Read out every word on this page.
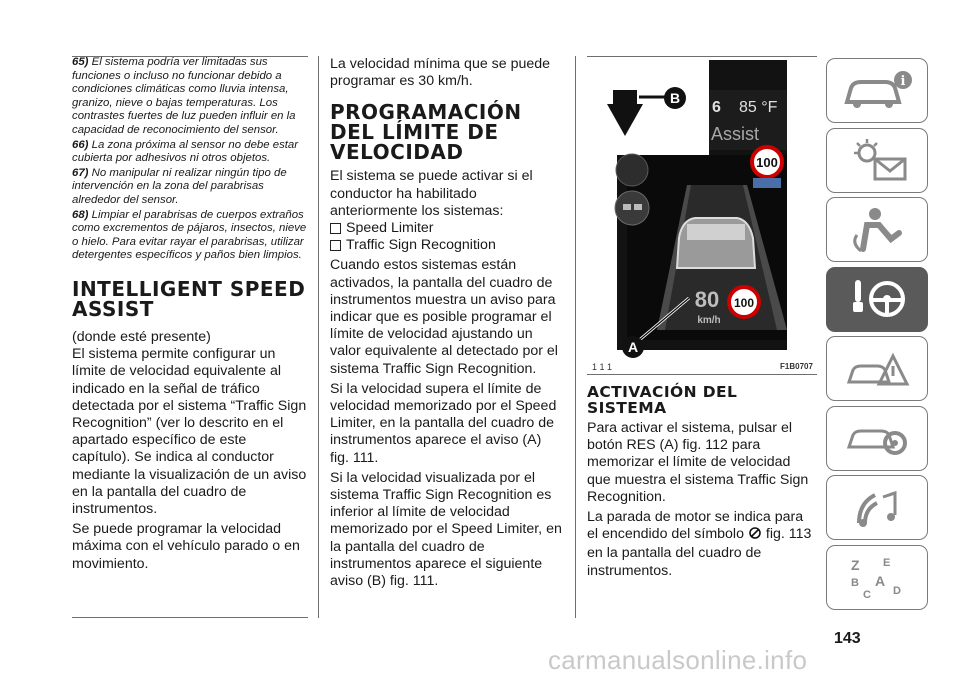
65) El sistema podría ver limitadas sus funciones o incluso no funcionar debido a condiciones climáticas como lluvia intensa, granizo, nieve o bajas temperaturas. Los contrastes fuertes de luz pueden influir en la capacidad de reconocimiento del sensor.
66) La zona próxima al sensor no debe estar cubierta por adhesivos ni otros objetos.
67) No manipular ni realizar ningún tipo de intervención en la zona del parabrisas alrededor del sensor.
68) Limpiar el parabrisas de cuerpos extraños como excrementos de pájaros, insectos, nieve o hielo. Para evitar rayar el parabrisas, utilizar detergentes específicos y paños bien limpios.
INTELLIGENT SPEED ASSIST

(donde esté presente)
El sistema permite configurar un límite de velocidad equivalente al indicado en la señal de tráfico detectada por el sistema “Traffic Sign Recognition” (ver lo descrito en el apartado específico de este capítulo). Se indica al conductor mediante la visualización de un aviso en la pantalla del cuadro de instrumentos.

Se puede programar la velocidad máxima con el vehículo parado o en movimiento.

La velocidad mínima que se puede programar es 30 km/h.

PROGRAMACIÓN DEL LÍMITE DE VELOCIDAD

El sistema se puede activar si el conductor ha habilitado anteriormente los sistemas:

Speed Limiter
Traffic Sign Recognition

Cuando estos sistemas están activados, la pantalla del cuadro de instrumentos muestra un aviso para indicar que es posible programar el límite de velocidad ajustando un valor equivalente al detectado por el sistema Traffic Sign Recognition.

Si la velocidad supera el límite de velocidad memorizado por el Speed Limiter, en la pantalla del cuadro de instrumentos aparece el aviso (A) fig. 111.

Si la velocidad visualizada por el sistema Traffic Sign Recognition es inferior al límite de velocidad memorizado por el Speed Limiter, en la pantalla del cuadro de instrumentos aparece el siguiente aviso (B) fig. 111.

100
100
80
km/h
6 85 °F
Assist
B
A
1 1 1	F1B0707
ACTIVACIÓN DEL SISTEMA

Para activar el sistema, pulsar el botón RES (A) fig. 112 para memorizar el límite de velocidad que muestra el sistema Traffic Sign Recognition.

La parada de motor se indica para el encendido del símbolo fig. 113 en la pantalla del cuadro de instrumentos.

i
Z E
A
B
C D
143
carmanualsonline.info
